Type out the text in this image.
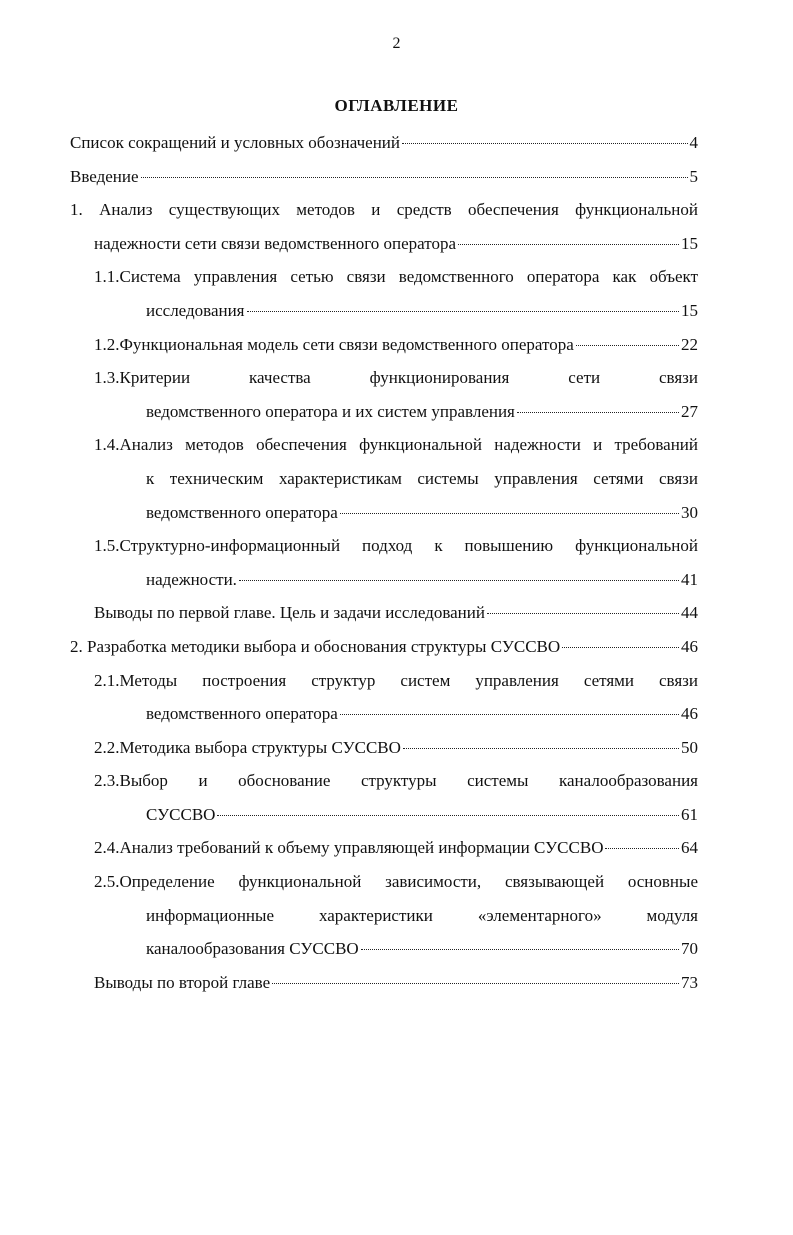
2
ОГЛАВЛЕНИЕ
Список сокращений и условных обозначений	4
Введение	5
1. Анализ существующих методов и средств обеспечения функциональной
надежности сети связи ведомственного оператора	15
1.1.Система управления сетью связи ведомственного оператора как объект
исследования	15
1.2.Функциональная модель сети связи ведомственного оператора	22
1.3.Критерии качества функционирования сети связи
ведомственного оператора и их систем управления	27
1.4.Анализ методов обеспечения функциональной надежности и требований
к техническим характеристикам системы управления сетями связи
ведомственного оператора	30
1.5.Структурно-информационный подход к повышению функциональной
надежности.	41
Выводы по первой главе. Цель и задачи исследований	44
2. Разработка методики выбора и обоснования структуры СУССВО	46
2.1.Методы построения структур систем управления сетями связи
ведомственного оператора	46
2.2.Методика выбора структуры СУССВО	50
2.3.Выбор и обоснование структуры системы каналообразования
СУССВО	61
2.4.Анализ требований к объему управляющей информации СУССВО	64
2.5.Определение функциональной зависимости, связывающей основные
информационные характеристики «элементарного» модуля
каналообразования СУССВО	70
Выводы по второй главе	73
